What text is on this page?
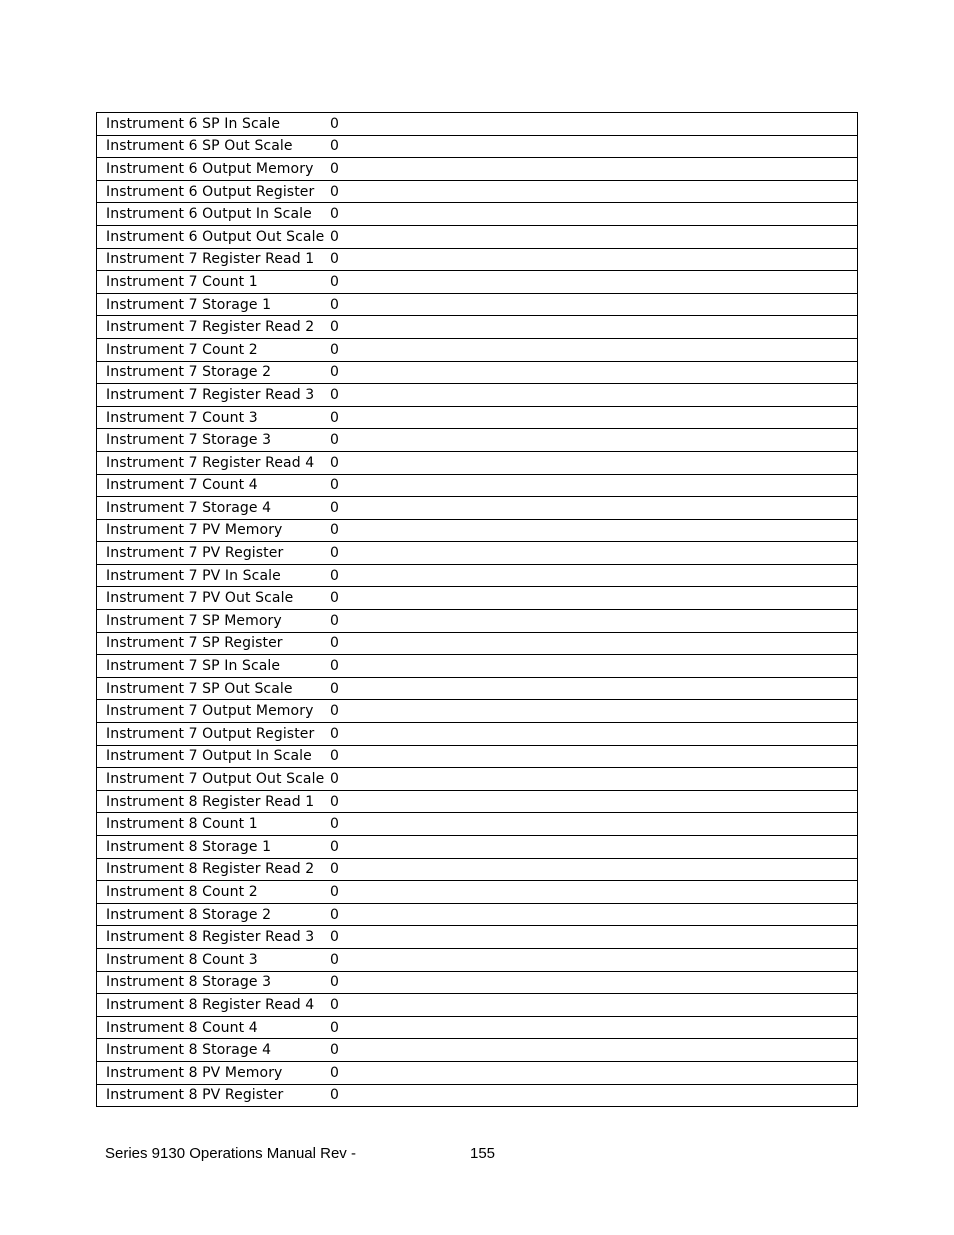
Instrument 6 SP In Scale	0
Instrument 6 SP Out Scale	0
Instrument 6 Output Memory	0
Instrument 6 Output Register	0
Instrument 6 Output In Scale	0
Instrument 6 Output Out Scale	0
Instrument 7 Register Read 1	0
Instrument 7 Count 1	0
Instrument 7 Storage 1	0
Instrument 7 Register Read 2	0
Instrument 7 Count 2	0
Instrument 7 Storage 2	0
Instrument 7 Register Read 3	0
Instrument 7 Count 3	0
Instrument 7 Storage 3	0
Instrument 7 Register Read 4	0
Instrument 7 Count 4	0
Instrument 7 Storage 4	0
Instrument 7 PV Memory	0
Instrument 7 PV Register	0
Instrument 7 PV In Scale	0
Instrument 7 PV Out Scale	0
Instrument 7 SP Memory	0
Instrument 7 SP Register	0
Instrument 7 SP In Scale	0
Instrument 7 SP Out Scale	0
Instrument 7 Output Memory	0
Instrument 7 Output Register	0
Instrument 7 Output In Scale	0
Instrument 7 Output Out Scale	0
Instrument 8 Register Read 1	0
Instrument 8 Count 1	0
Instrument 8 Storage 1	0
Instrument 8 Register Read 2	0
Instrument 8 Count 2	0
Instrument 8 Storage 2	0
Instrument 8 Register Read 3	0
Instrument 8 Count 3	0
Instrument 8 Storage 3	0
Instrument 8 Register Read 4	0
Instrument 8 Count 4	0
Instrument 8 Storage 4	0
Instrument 8 PV Memory	0
Instrument 8 PV Register	0
Series 9130 Operations Manual Rev -	155
